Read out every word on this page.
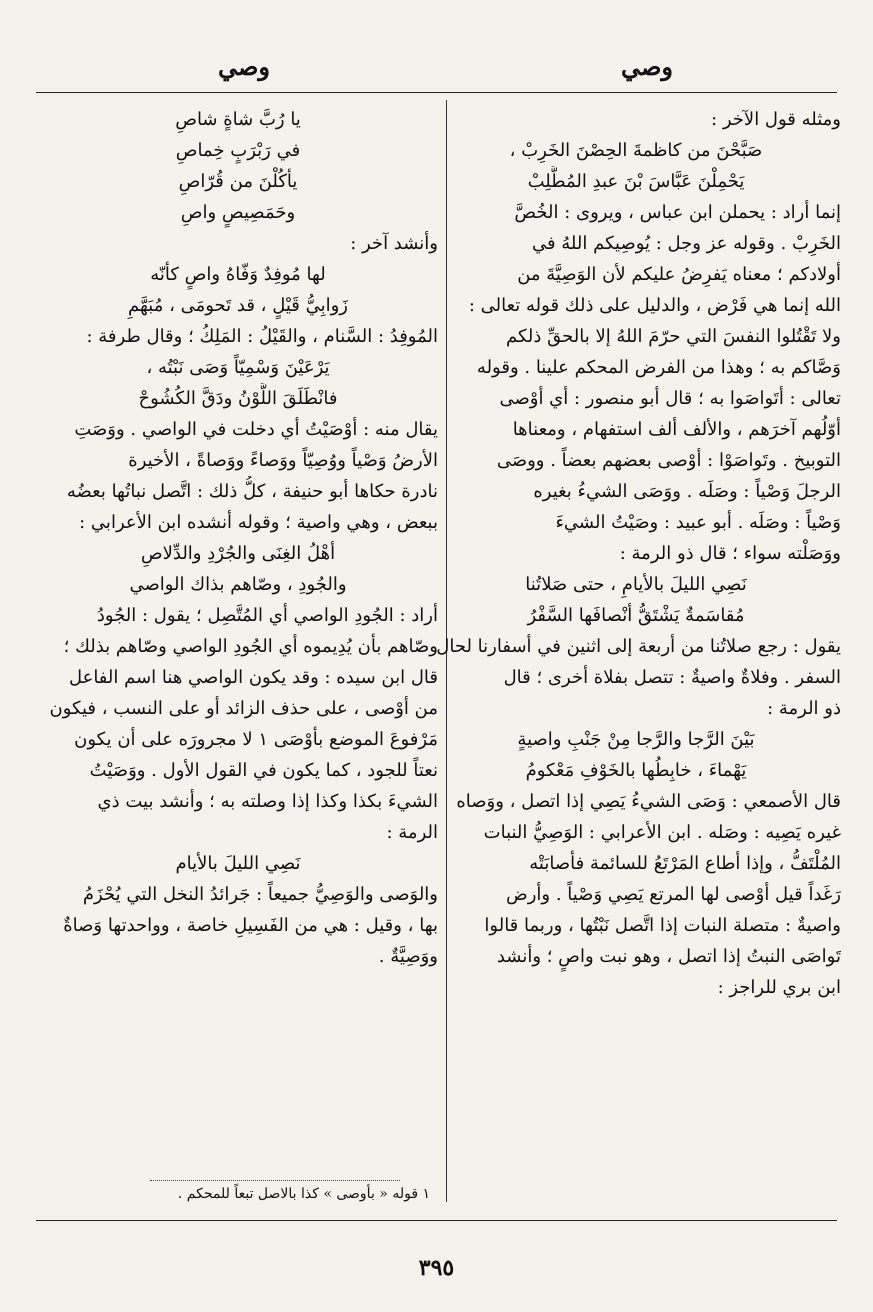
وصي
وصي
ومثله قول الآخر :
صَبَّحْنَ من كاظمةَ الحِصْنَ الخَرِبْ ،
يَحْمِلْنَ عَبَّاسَ بْنَ عبدِ المُطَّلِبْ
إنما أراد : يحملن ابن عباس ، ويروى : الخُصَّ
الخَرِبْ . وقوله عز وجل : يُوصِيكم اللهُ في
أولادكم ؛ معناه يَفرِضُ عليكم لأن الوَصِيَّةَ من
الله إنما هي فَرْض ، والدليل على ذلك قوله تعالى :
ولا تَقْتُلوا النفسَ التي حرّمَ اللهُ إلا بالحقِّ ذلكم
وَصَّاكم به ؛ وهذا من الفرض المحكم علينا . وقوله
تعالى : أتَواصَوا به ؛ قال أبو منصور : أي أوْصى
أوّلُهم آخرَهم ، والألف ألف استفهام ، ومعناها
التوبيخ . وتَواصَوْا : أوْصى بعضهم بعضاً . ووصَى
الرجلَ وَصْياً : وصَلَه . ووَصَى الشيءُ بغيره
وَصْياً : وصَلَه . أبو عبيد : وصَيْتُ الشيءَ
ووَصَلْته سواء ؛ قال ذو الرمة :
نَصِي الليلَ بالأيامِ ، حتى صَلاتُنا
مُقاسَمةٌ يَشْتَقُّ أنْصافَها السَّفْرُ
يقول : رجع صلاتُنا من أربعة إلى اثنين في أسفارنا لحال
السفر . وفلاةٌ واصيةٌ : تتصل بفلاة أخرى ؛ قال
ذو الرمة :
بَيْنَ الرَّجا والرَّجا مِنْ جَنْبِ واصيةٍ
يَهْماءَ ، خابِطُها بالخَوْفِ مَعْكومُ
قال الأصمعي : وَصَى الشيءُ يَصِي إذا اتصل ، ووَصاه
غيره يَصِيه : وصَله . ابن الأعرابي : الوَصِيُّ النبات
المُلْتَفُّ ، وإذا أطاع المَرْتَعُ للسائمة فأصابَتْه
رَغَداً قيل أوْصى لها المرتع يَصِي وَصْياً . وأرض
واصيةٌ : متصلة النبات إذا اتَّصل نَبْتُها ، وربما قالوا
تَواصَى النبتُ إذا اتصل ، وهو نبت واصٍ ؛ وأنشد
ابن بري للراجز :
يا رُبَّ شاةٍ شاصِ
في رَبْرَبٍ خِماصِ
يأكُلْنَ من قُرّاصِ
وحَمَصِيصٍ واصِ
وأنشد آخر :
لها مُوفِدٌ وَفّاهُ واصٍ كأنّه
زَوابِيُّ قَيْلٍ ، قد تَحومَى ، مُبَهَّمِ
المُوفِدُ : السَّنام ، والقَيْلُ : المَلِكُ ؛ وقال طرفة :
يَرْعَيْنَ وَسْمِيّاً وَصَى نَبْتُه ،
فانْطَلَقَ اللَّوْنُ ودَقَّ الكُشُوحْ
يقال منه : أوْصَيْتُ أي دخلت في الواصي . ووَصَتِ
الأرضُ وَصْياً ووُصِيّاً ووَصاءً ووَصاةً ، الأخيرة
نادرة حكاها أبو حنيفة ، كلُّ ذلك : اتَّصل نباتُها بعضُه
ببعض ، وهي واصية ؛ وقوله أنشده ابن الأعرابي :
أهْلُ الغِنَى والجُرْدِ والدِّلاصِ
والجُودِ ، وصّاهم بذاك الواصي
أراد : الجُودِ الواصي أي المُتَّصِل ؛ يقول : الجُودُ
وصّاهم بأن يُدِيموه أي الجُودِ الواصي وصّاهم بذلك ؛
قال ابن سيده : وقد يكون الواصي هنا اسم الفاعل
من أوْصى ، على حذف الزائد أو على النسب ، فيكون
مَرْفوعَ الموضع بأوْصَى ١ لا مجرورَه على أن يكون
نعتاً للجود ، كما يكون في القول الأول . ووَصَيْتُ
الشيءَ بكذا وكذا إذا وصلته به ؛ وأنشد بيت ذي
الرمة :
نَصِي الليلَ بالأيام
والوَصى والوَصِيُّ جميعاً : جَرائدُ النخل التي يُحْزَمُ
بها ، وقيل : هي من الفَسِيلِ خاصة ، وواحدتها وَصاةٌ
ووَصِيَّةٌ .
١ قوله « بأوصى » كذا بالاصل تبعاً للمحكم .
٣٩٥
